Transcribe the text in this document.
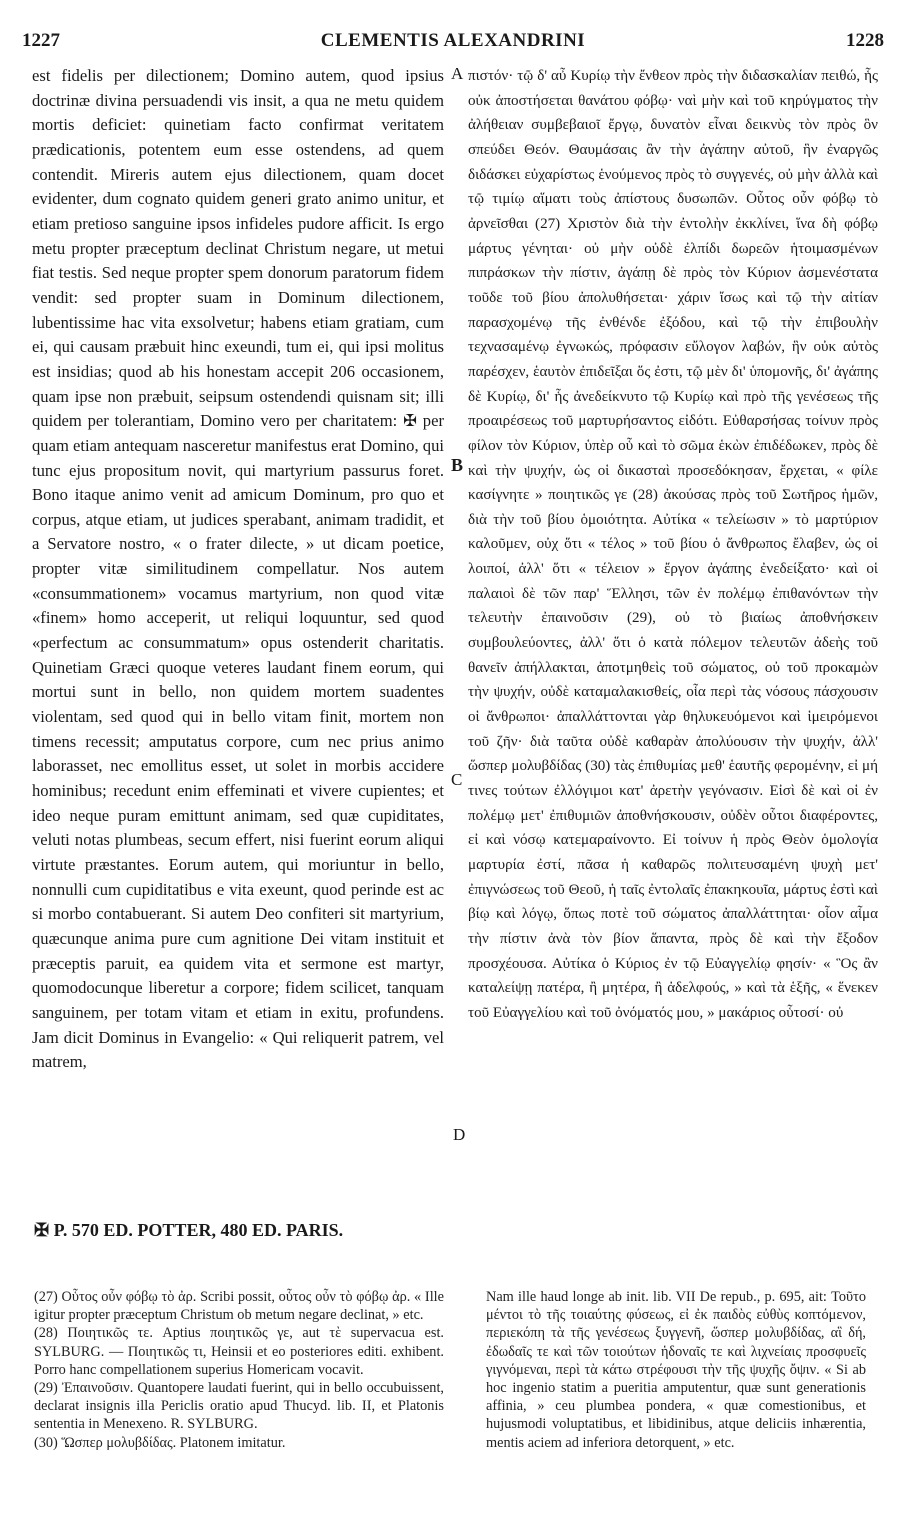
1227	CLEMENTIS ALEXANDRINI	1228

est fidelis per dilectionem; Domino autem, quod ipsius doctrinæ divina persuadendi vis insit, a qua ne metu quidem mortis deficiet: quinetiam facto confirmat veritatem prædicationis, potentem eum esse ostendens, ad quem contendit. Mireris autem ejus dilectionem, quam docet evidenter, dum cognato quidem generi grato animo unitur, et etiam pretioso sanguine ipsos infideles pudore afficit. Is ergo metu propter præceptum declinat Christum negare, ut metui fiat testis. Sed neque propter spem donorum paratorum fidem vendit: sed propter suam in Dominum dilectionem, lubentissime hac vita exsolvetur; habens etiam gratiam, cum ei, qui causam præbuit hinc exeundi, tum ei, qui ipsi molitus est insidias; quod ab his honestam accepit 206 occasionem, quam ipse non præbuit, seipsum ostendendi quisnam sit; illi quidem per tolerantiam, Domino vero per charitatem: ✠ per quam etiam antequam nasceretur manifestus erat Domino, qui tunc ejus propositum novit, qui martyrium passurus foret. Bono itaque animo venit ad amicum Dominum, pro quo et corpus, atque etiam, ut judices sperabant, animam tradidit, et a Servatore nostro, « o frater dilecte, » ut dicam poetice, propter vitæ similitudinem compellatur. Nos autem «consummationem» vocamus martyrium, non quod vitæ «finem» homo acceperit, ut reliqui loquuntur, sed quod «perfectum ac consummatum» opus ostenderit charitatis. Quinetiam Græci quoque veteres laudant finem eorum, qui mortui sunt in bello, non quidem mortem suadentes violentam, sed quod qui in bello vitam finit, mortem non timens recessit; amputatus corpore, cum nec prius animo laborasset, nec emollitus esset, ut solet in morbis accidere hominibus; recedunt enim effeminati et vivere cupientes; et ideo neque puram emittunt animam, sed quæ cupiditates, veluti notas plumbeas, secum effert, nisi fuerint eorum aliqui virtute præstantes. Eorum autem, qui moriuntur in bello, nonnulli cum cupiditatibus e vita exeunt, quod perinde est ac si morbo contabuerant. Si autem Deo confiteri sit martyrium, quæcunque anima pure cum agnitione Dei vitam instituit et præceptis paruit, ea quidem vita et sermone est martyr, quomodocunque liberetur a corpore; fidem scilicet, tanquam sanguinem, per totam vitam et etiam in exitu, profundens. Jam dicit Dominus in Evangelio: « Qui reliquerit patrem, vel matrem,

A
B
C
D

πιστόν· τῷ δ' αὖ Κυρίῳ τὴν ἔνθεον πρὸς τὴν διδασκαλίαν πειθώ, ἧς οὐκ ἀποστήσεται θανάτου φόβῳ· ναὶ μὴν καὶ τοῦ κηρύγματος τὴν ἀλήθειαν συμβεβαιοῖ ἔργῳ, δυνατὸν εἶναι δεικνὺς τὸν πρὸς ὃν σπεύδει Θεόν. Θαυμάσαις ἂν τὴν ἀγάπην αὐτοῦ, ἣν ἐναργῶς διδάσκει εὐχαρίστως ἑνούμενος πρὸς τὸ συγγενές, οὐ μὴν ἀλλὰ καὶ τῷ τιμίῳ αἵματι τοὺς ἀπίστους δυσωπῶν. Οὗτος οὖν φόβῳ τὸ ἀρνεῖσθαι (27) Χριστὸν διὰ τὴν ἐντολὴν ἐκκλίνει, ἵνα δὴ φόβῳ μάρτυς γένηται· οὐ μὴν οὐδὲ ἐλπίδι δωρεῶν ἡτοιμασμένων πιπράσκων τὴν πίστιν, ἀγάπῃ δὲ πρὸς τὸν Κύριον ἀσμενέστατα τοῦδε τοῦ βίου ἀπολυθήσεται· χάριν ἴσως καὶ τῷ τὴν αἰτίαν παρασχομένῳ τῆς ἐνθένδε ἐξόδου, καὶ τῷ τὴν ἐπιβουλὴν τεχνασαμένῳ ἐγνωκώς, πρόφασιν εὔλογον λαβών, ἣν οὐκ αὐτὸς παρέσχεν, ἑαυτὸν ἐπιδεῖξαι ὅς ἐστι, τῷ μὲν δι' ὑπομονῆς, δι' ἀγάπης δὲ Κυρίῳ, δι' ἧς ἀνεδείκνυτο τῷ Κυρίῳ καὶ πρὸ τῆς γενέσεως τῆς προαιρέσεως τοῦ μαρτυρήσαντος εἰδότι. Εὐθαρσήσας τοίνυν πρὸς φίλον τὸν Κύριον, ὑπὲρ οὗ καὶ τὸ σῶμα ἑκὼν ἐπιδέδωκεν, πρὸς δὲ καὶ τὴν ψυχήν, ὡς οἱ δικασταὶ προσεδόκησαν, ἔρχεται, « φίλε κασίγνητε » ποιητικῶς γε (28) ἀκούσας πρὸς τοῦ Σωτῆρος ἡμῶν, διὰ τὴν τοῦ βίου ὁμοιότητα. Αὐτίκα « τελείωσιν » τὸ μαρτύριον καλοῦμεν, οὐχ ὅτι « τέλος » τοῦ βίου ὁ ἄνθρωπος ἔλαβεν, ὡς οἱ λοιποί, ἀλλ' ὅτι « τέλειον » ἔργον ἀγάπης ἐνεδείξατο· καὶ οἱ παλαιοὶ δὲ τῶν παρ' Ἕλλησι, τῶν ἐν πολέμῳ ἐπιθανόντων τὴν τελευτὴν ἐπαινοῦσιν (29), οὐ τὸ βιαίως ἀποθνήσκειν συμβουλεύοντες, ἀλλ' ὅτι ὁ κατὰ πόλεμον τελευτῶν ἀδεὴς τοῦ θανεῖν ἀπήλλακται, ἀποτμηθεὶς τοῦ σώματος, οὐ τοῦ προκαμὼν τὴν ψυχήν, οὐδὲ καταμαλακισθείς, οἷα περὶ τὰς νόσους πάσχουσιν οἱ ἄνθρωποι· ἀπαλλάττονται γὰρ θηλυκευόμενοι καὶ ἱμειρόμενοι τοῦ ζῆν· διὰ ταῦτα οὐδὲ καθαρὰν ἀπολύουσιν τὴν ψυχήν, ἀλλ' ὥσπερ μολυβδίδας (30) τὰς ἐπιθυμίας μεθ' ἑαυτῆς φερομένην, εἰ μή τινες τούτων ἐλλόγιμοι κατ' ἀρετὴν γεγόνασιν. Εἰσὶ δὲ καὶ οἱ ἐν πολέμῳ μετ' ἐπιθυμιῶν ἀποθνήσκουσιν, οὐδὲν οὗτοι διαφέροντες, εἰ καὶ νόσῳ κατεμαραίνοντο. Εἰ τοίνυν ἡ πρὸς Θεὸν ὁμολογία μαρτυρία ἐστί, πᾶσα ἡ καθαρῶς πολιτευσαμένη ψυχὴ μετ' ἐπιγνώσεως τοῦ Θεοῦ, ἡ ταῖς ἐντολαῖς ἐπακηκουῖα, μάρτυς ἐστὶ καὶ βίῳ καὶ λόγῳ, ὅπως ποτὲ τοῦ σώματος ἀπαλλάττηται· οἷον αἷμα τὴν πίστιν ἀνὰ τὸν βίον ἅπαντα, πρὸς δὲ καὶ τὴν ἔξοδον προσχέουσα. Αὐτίκα ὁ Κύριος ἐν τῷ Εὐαγγελίῳ φησίν· « Ὃς ἂν καταλείψῃ πατέρα, ἢ μητέρα, ἢ ἀδελφούς, » καὶ τὰ ἑξῆς, « ἕνεκεν τοῦ Εὐαγγελίου καὶ τοῦ ὀνόματός μου, » μακάριος οὗτοσί· οὐ

✠ P. 570 ED. POTTER, 480 ED. PARIS.

(27) Οὗτος οὖν φόβῳ τὸ ἀρ. Scribi possit, οὗτος οὖν τὸ φόβῳ ἀρ. « Ille igitur propter præceptum Christum ob metum negare declinat, » etc.

(28) Ποιητικῶς τε. Aptius ποιητικῶς γε, aut τὲ supervacua est. SYLBURG. — Ποιητικῶς τι, Heinsii et eo posteriores editi. exhibent. Porro hanc compellationem superius Homericam vocavit.

(29) Ἐπαινοῦσιν. Quantopere laudati fuerint, qui in bello occubuissent, declarat insignis illa Periclis oratio apud Thucyd. lib. II, et Platonis sententia in Menexeno. R. SYLBURG.

(30) Ὥσπερ μολυβδίδας. Platonem imitatur.

Nam ille haud longe ab init. lib. VII De repub., p. 695, ait: Τοῦτο μέντοι τὸ τῆς τοιαύτης φύσεως, εἰ ἐκ παιδὸς εὐθὺς κοπτόμενον, περιεκόπη τὰ τῆς γενέσεως ξυγγενῆ, ὥσπερ μολυβδίδας, αἳ δή, ἐδωδαῖς τε καὶ τῶν τοιούτων ἡδοναῖς τε καὶ λιχνείαις προσφυεῖς γιγνόμεναι, περὶ τὰ κάτω στρέφουσι τὴν τῆς ψυχῆς ὄψιν. « Si ab hoc ingenio statim a pueritia amputentur, quæ sunt generationis affinia, » ceu plumbea pondera, « quæ comestionibus, et hujusmodi voluptatibus, et libidinibus, atque deliciis inhærentia, mentis aciem ad inferiora detorquent, » etc.
